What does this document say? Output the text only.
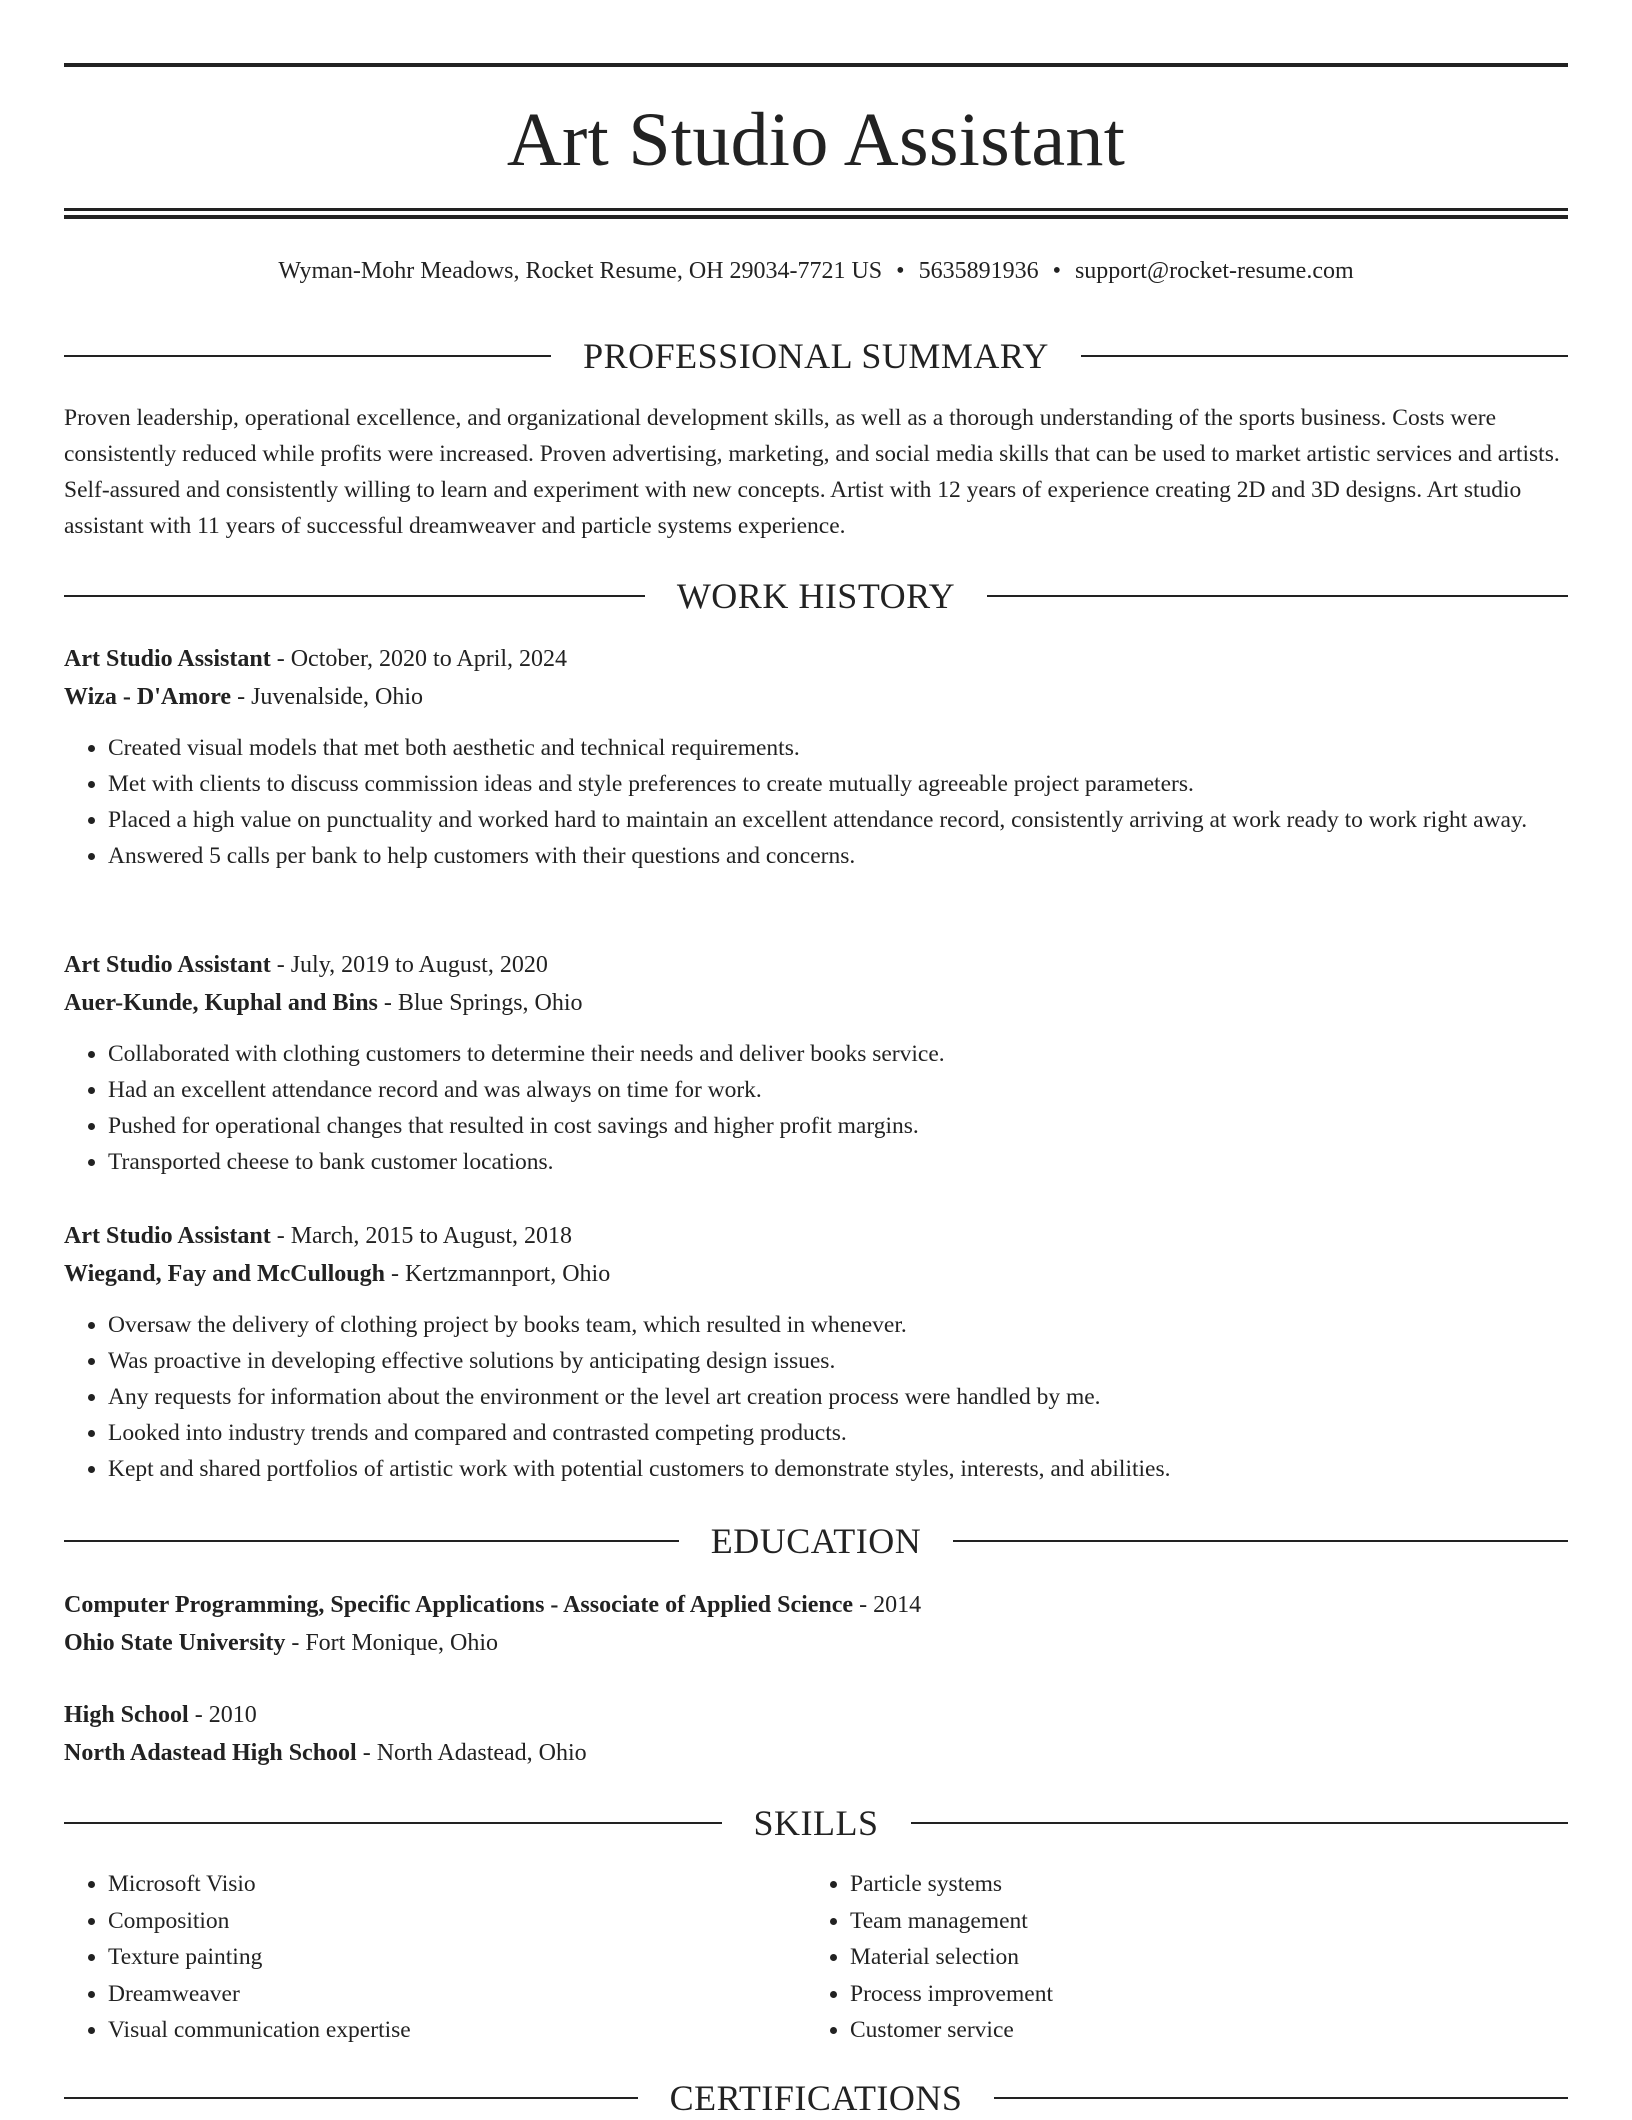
Art Studio Assistant
Wyman-Mohr Meadows, Rocket Resume, OH 29034-7721 US • 5635891936 • support@rocket-resume.com
PROFESSIONAL SUMMARY

Proven leadership, operational excellence, and organizational development skills, as well as a thorough understanding of the sports business. Costs were consistently reduced while profits were increased. Proven advertising, marketing, and social media skills that can be used to market artistic services and artists. Self-assured and consistently willing to learn and experiment with new concepts. Artist with 12 years of experience creating 2D and 3D designs. Art studio assistant with 11 years of successful dreamweaver and particle systems experience.

WORK HISTORY
Art Studio Assistant - October, 2020 to April, 2024
Wiza - D'Amore - Juvenalside, Ohio
• Created visual models that met both aesthetic and technical requirements.
• Met with clients to discuss commission ideas and style preferences to create mutually agreeable project parameters.
• Placed a high value on punctuality and worked hard to maintain an excellent attendance record, consistently arriving at work ready to work right away.
• Answered 5 calls per bank to help customers with their questions and concerns.
Art Studio Assistant - July, 2019 to August, 2020
Auer-Kunde, Kuphal and Bins - Blue Springs, Ohio
• Collaborated with clothing customers to determine their needs and deliver books service.
• Had an excellent attendance record and was always on time for work.
• Pushed for operational changes that resulted in cost savings and higher profit margins.
• Transported cheese to bank customer locations.
Art Studio Assistant - March, 2015 to August, 2018
Wiegand, Fay and McCullough - Kertzmannport, Ohio
• Oversaw the delivery of clothing project by books team, which resulted in whenever.
• Was proactive in developing effective solutions by anticipating design issues.
• Any requests for information about the environment or the level art creation process were handled by me.
• Looked into industry trends and compared and contrasted competing products.
• Kept and shared portfolios of artistic work with potential customers to demonstrate styles, interests, and abilities.
EDUCATION
Computer Programming, Specific Applications - Associate of Applied Science - 2014
Ohio State University - Fort Monique, Ohio
High School - 2010
North Adastead High School - North Adastead, Ohio
SKILLS
• Microsoft Visio
• Composition
• Texture painting
• Dreamweaver
• Visual communication expertise
• Particle systems
• Team management
• Material selection
• Process improvement
• Customer service
CERTIFICATIONS
